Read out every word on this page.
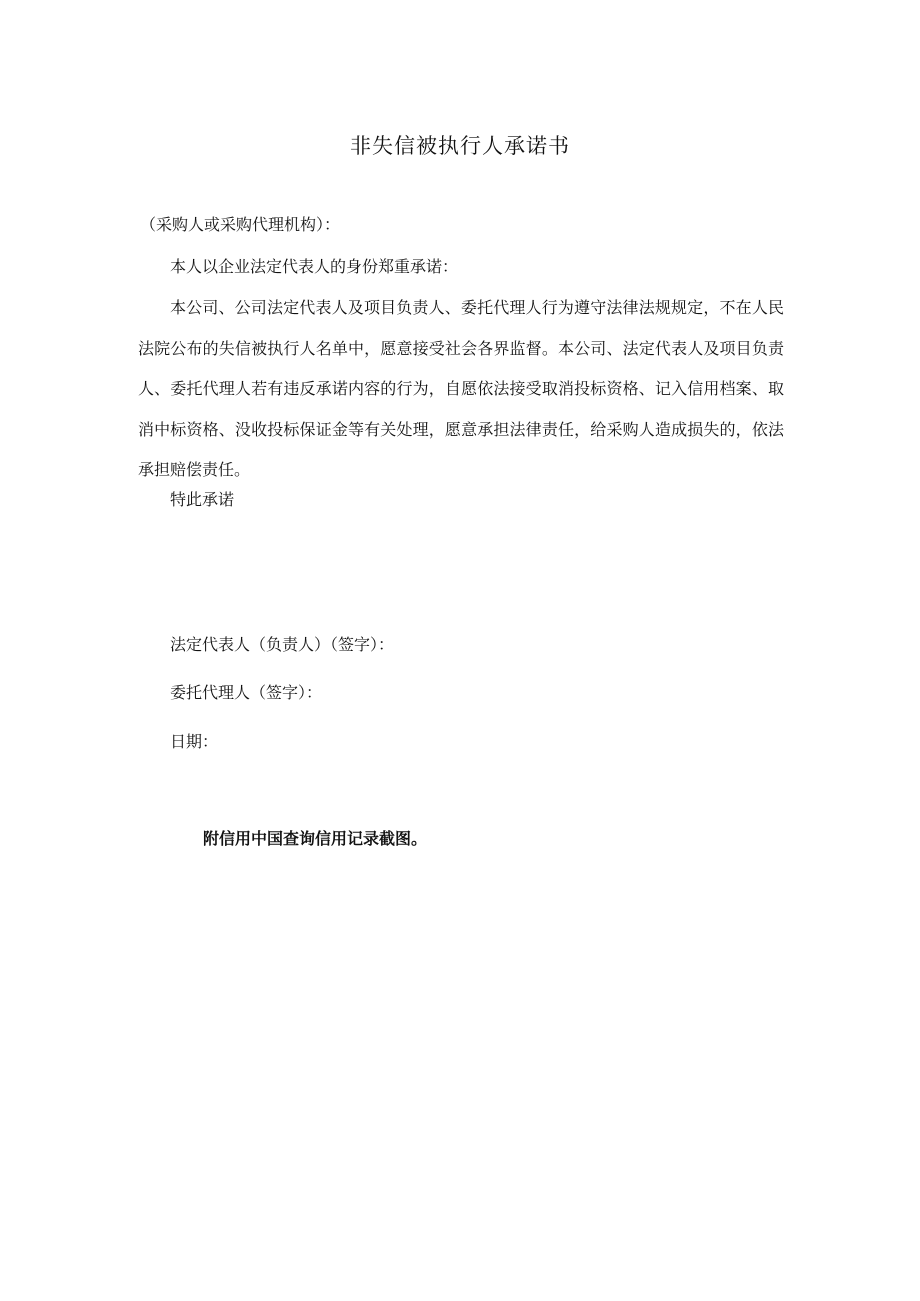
非失信被执行人承诺书
（采购人或采购代理机构）：
本人以企业法定代表人的身份郑重承诺：
本公司、公司法定代表人及项目负责人、委托代理人行为遵守法律法规规定，不在人民法院公布的失信被执行人名单中，愿意接受社会各界监督。本公司、法定代表人及项目负责人、委托代理人若有违反承诺内容的行为，自愿依法接受取消投标资格、记入信用档案、取消中标资格、没收投标保证金等有关处理，愿意承担法律责任，给采购人造成损失的，依法承担赔偿责任。
特此承诺
法定代表人（负责人）（签字）：
委托代理人（签字）：
日期：
附信用中国查询信用记录截图。
